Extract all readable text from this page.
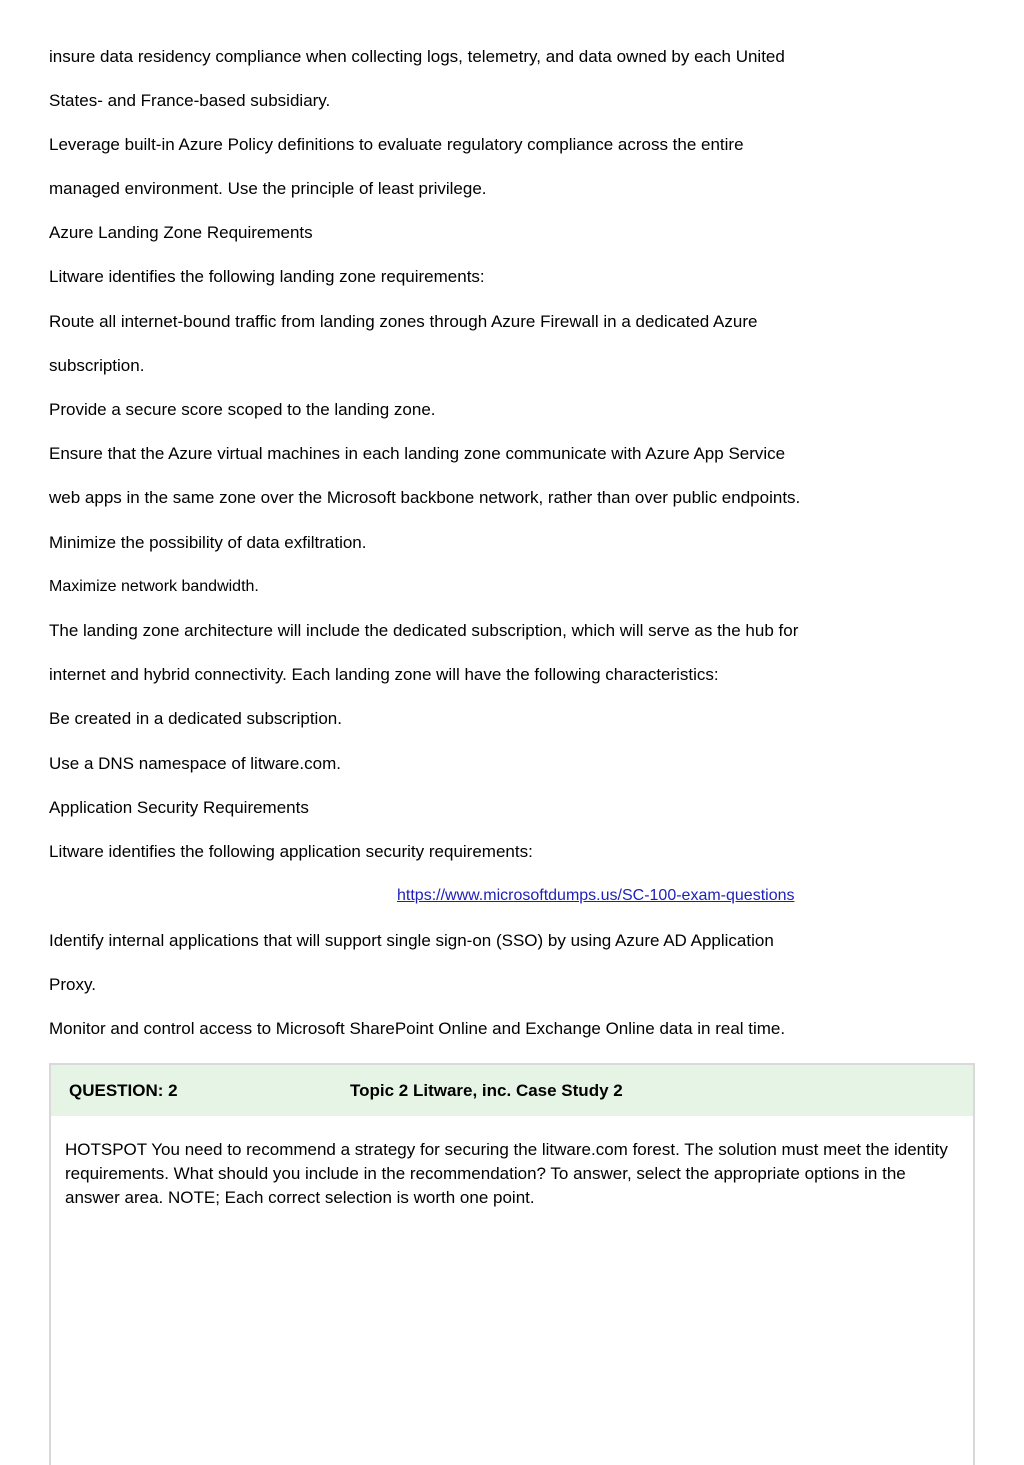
insure data residency compliance when collecting logs, telemetry, and data owned by each United
States- and France-based subsidiary.
Leverage built-in Azure Policy definitions to evaluate regulatory compliance across the entire
managed environment. Use the principle of least privilege.
Azure Landing Zone Requirements
Litware identifies the following landing zone requirements:
Route all internet-bound traffic from landing zones through Azure Firewall in a dedicated Azure
subscription.
Provide a secure score scoped to the landing zone.
Ensure that the Azure virtual machines in each landing zone communicate with Azure App Service
web apps in the same zone over the Microsoft backbone network, rather than over public endpoints.
Minimize the possibility of data exfiltration.
Maximize network bandwidth.
The landing zone architecture will include the dedicated subscription, which will serve as the hub for
internet and hybrid connectivity. Each landing zone will have the following characteristics:
Be created in a dedicated subscription.
Use a DNS namespace of litware.com.
Application Security Requirements
Litware identifies the following application security requirements:
https://www.microsoftdumps.us/SC-100-exam-questions
Identify internal applications that will support single sign-on (SSO) by using Azure AD Application
Proxy.
Monitor and control access to Microsoft SharePoint Online and Exchange Online data in real time.
QUESTION: 2	Topic 2 Litware, inc. Case Study 2
HOTSPOT You need to recommend a strategy for securing the litware.com forest. The solution must meet the identity requirements. What should you include in the recommendation? To answer, select the appropriate options in the answer area. NOTE; Each correct selection is worth one point.
